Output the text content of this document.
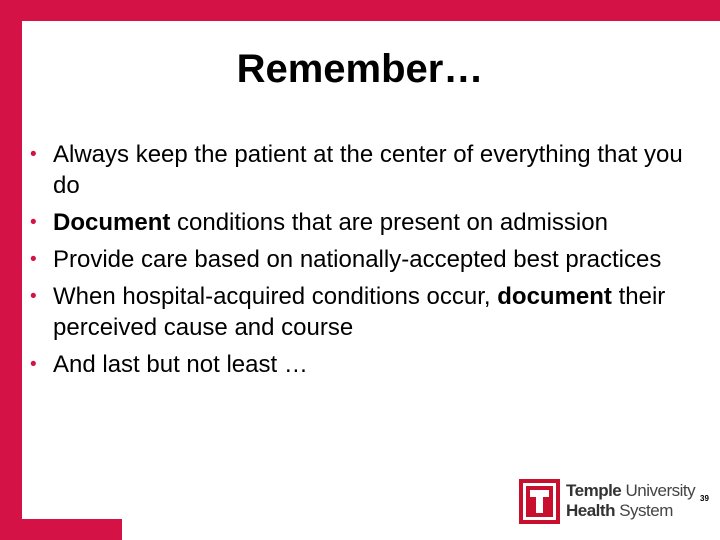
Remember…
• Always keep the patient at the center of everything that you do
• Document conditions that are present on admission
• Provide care based on nationally-accepted best practices
• When hospital-acquired conditions occur, document their perceived cause and course
• And last but not least …
Temple University
Health System
39
